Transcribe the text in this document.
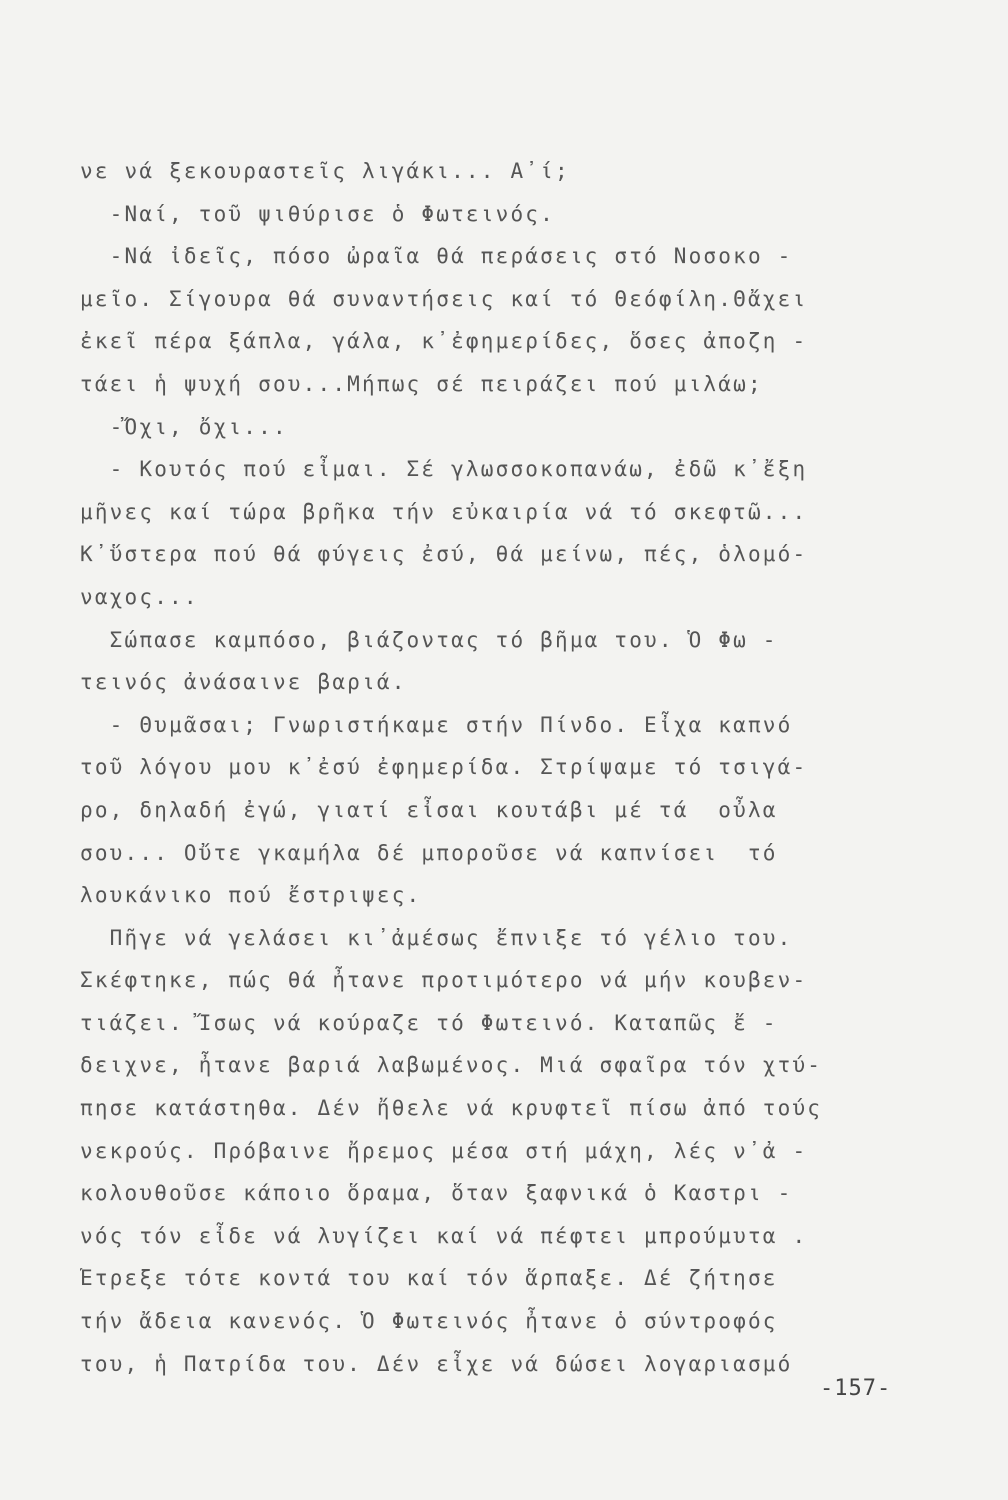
νε νά ξεκουραστεῖς λιγάκι... Α᾽ί;
-Ναί, τοῦ ψιθύρισε ὁ Φωτεινός.
-Νά ἰδεῖς, πόσο ὠραῖα θά περάσεις στό Νοσοκο -
μεῖο. Σίγουρα θά συναντήσεις καί τό Θεόφίλη.Θἄχει
ἐκεῖ πέρα ξάπλα, γάλα, κ᾽ἐφημερίδες, ὅσες ἀποζη -
τάει ἡ ψυχή σου...Μήπως σέ πειράζει πού μιλάω;
-Ὄχι, ὄχι...
- Κουτός πού εἶμαι. Σέ γλωσσοκοπανάω, ἐδῶ κ᾽ἔξη
μῆνες καί τώρα βρῆκα τήν εὐκαιρία νά τό σκεφτῶ...
Κ᾽ὕστερα πού θά φύγεις ἐσύ, θά μείνω, πές, ὁλομό-
ναχος...
Σώπασε καμπόσο, βιάζοντας τό βῆμα του. Ὁ Φω -
τεινός ἀνάσαινε βαριά.
- Θυμᾶσαι; Γνωριστήκαμε στήν Πίνδο. Εἶχα καπνό
τοῦ λόγου μου κ᾽ἐσύ ἐφημερίδα. Στρίψαμε τό τσιγά-
ρο, δηλαδή ἐγώ, γιατί εἶσαι κουτάβι μέ τά  οὖλα
σου... Οὔτε γκαμήλα δέ μποροῦσε νά καπνίσει  τό
λουκάνικο πού ἔστριψες.
Πῆγε νά γελάσει κι᾽ἀμέσως ἔπνιξε τό γέλιο του.
Σκέφτηκε, πώς θά ἦτανε προτιμότερο νά μήν κουβεν-
τιάζει. Ἴσως νά κούραζε τό Φωτεινό. Καταπῶς ἔ -
δειχνε, ἦτανε βαριά λαβωμένος. Μιά σφαῖρα τόν χτύ-
πησε κατάστηθα. Δέν ἤθελε νά κρυφτεῖ πίσω ἀπό τούς
νεκρούς. Πρόβαινε ἤρεμος μέσα στή μάχη, λές ν᾽ἀ -
κολουθοῦσε κάποιο ὅραμα, ὅταν ξαφνικά ὁ Καστρι -
νός τόν εἶδε νά λυγίζει καί νά πέφτει μπρούμυτα .
Ἔτρεξε τότε κοντά του καί τόν ἅρπαξε. Δέ ζήτησε
τήν ἄδεια κανενός. Ὁ Φωτεινός ἦτανε ὁ σύντροφός
του, ἡ Πατρίδα του. Δέν εἶχε νά δώσει λογαριασμό
-157-
